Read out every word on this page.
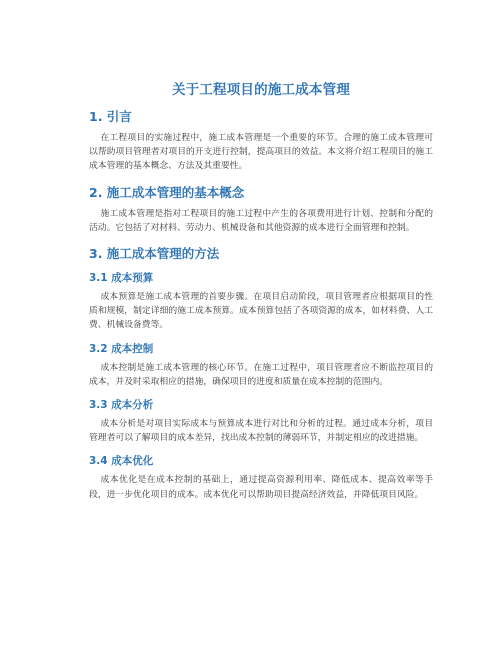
关于工程项目的施工成本管理
1. 引言

在工程项目的实施过程中，施工成本管理是一个重要的环节。合理的施工成本管理可以帮助项目管理者对项目的开支进行控制，提高项目的效益。本文将介绍工程项目的施工成本管理的基本概念、方法及其重要性。

2. 施工成本管理的基本概念

施工成本管理是指对工程项目的施工过程中产生的各项费用进行计划、控制和分配的活动。它包括了对材料、劳动力、机械设备和其他资源的成本进行全面管理和控制。

3. 施工成本管理的方法
3.1 成本预算

成本预算是施工成本管理的首要步骤。在项目启动阶段，项目管理者应根据项目的性质和规模，制定详细的施工成本预算。成本预算包括了各项资源的成本，如材料费、人工费、机械设备费等。

3.2 成本控制

成本控制是施工成本管理的核心环节。在施工过程中，项目管理者应不断监控项目的成本，并及时采取相应的措施，确保项目的进度和质量在成本控制的范围内。

3.3 成本分析

成本分析是对项目实际成本与预算成本进行对比和分析的过程。通过成本分析，项目管理者可以了解项目的成本差异，找出成本控制的薄弱环节，并制定相应的改进措施。

3.4 成本优化

成本优化是在成本控制的基础上，通过提高资源利用率、降低成本、提高效率等手段，进一步优化项目的成本。成本优化可以帮助项目提高经济效益，并降低项目风险。
